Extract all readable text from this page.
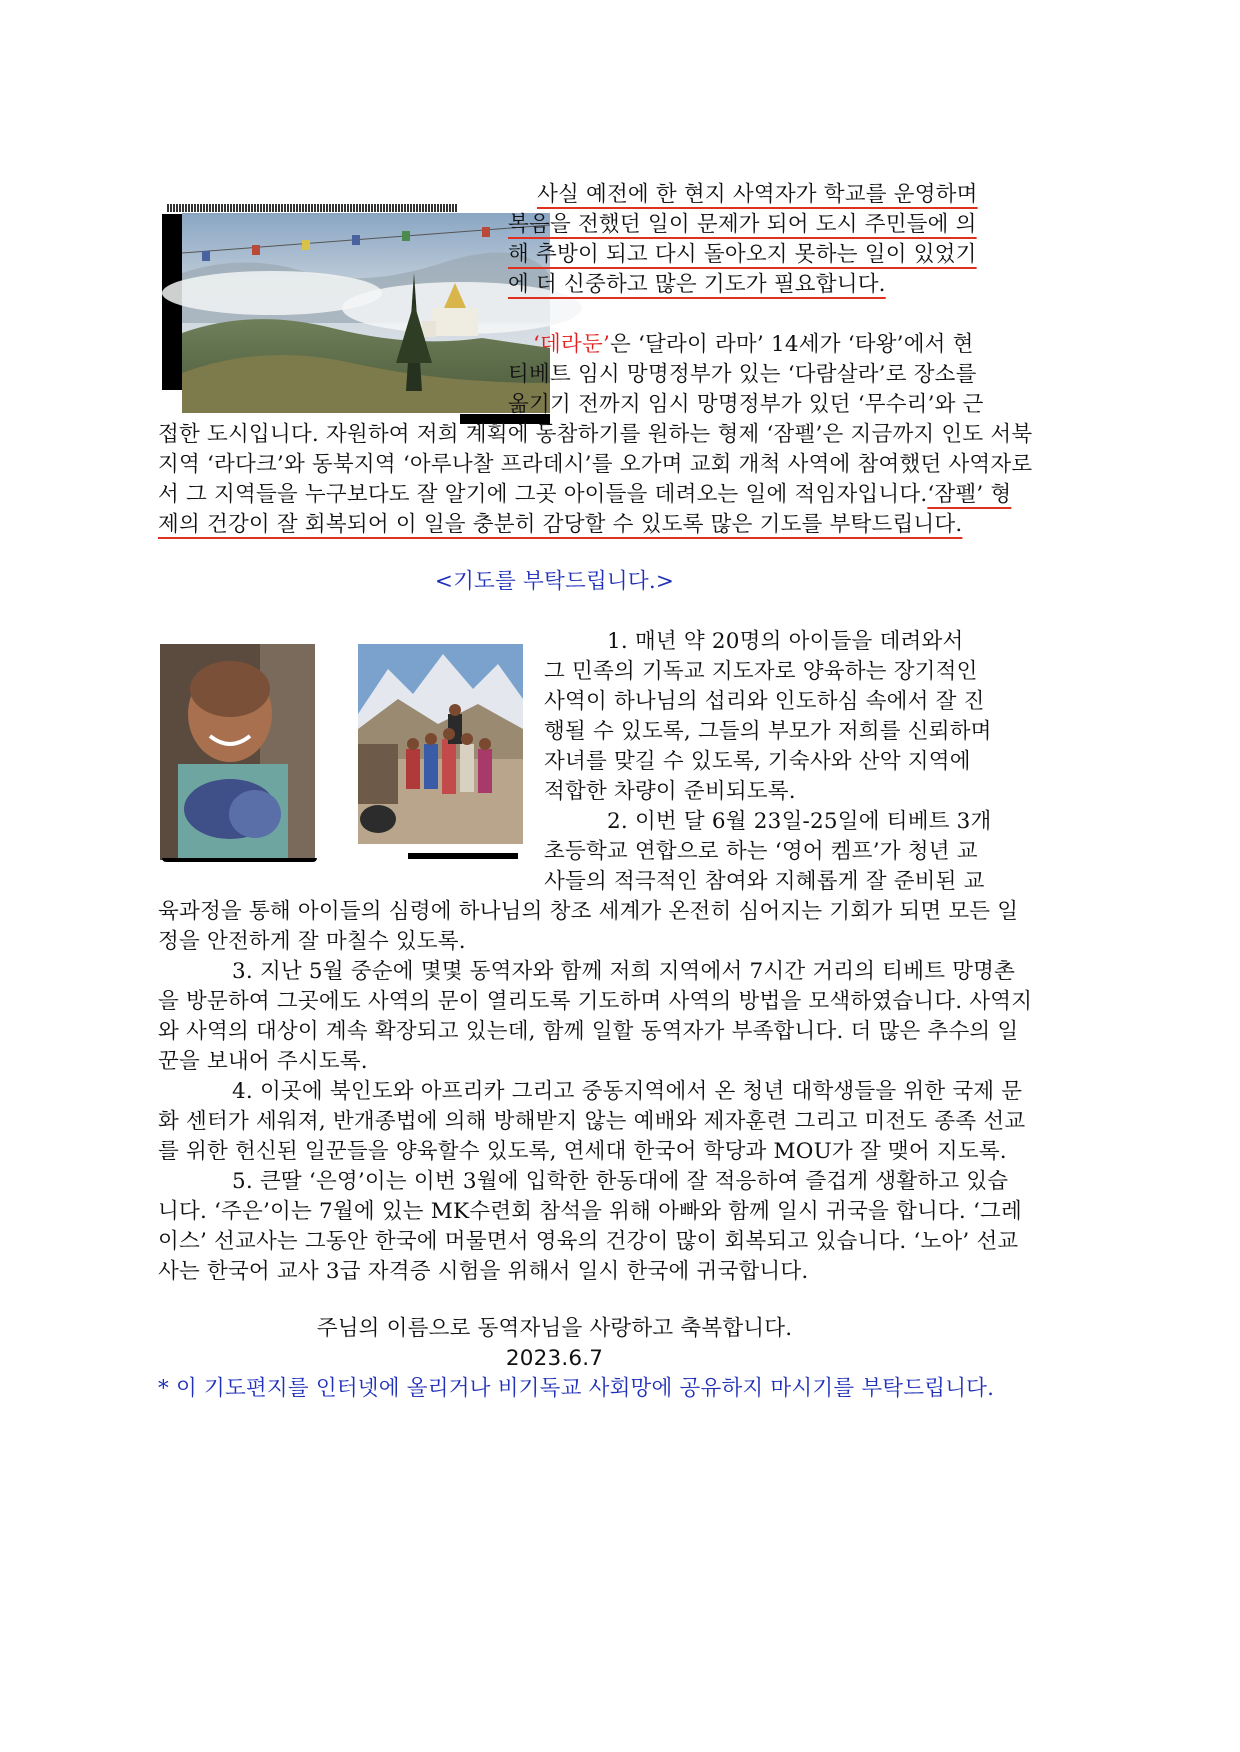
사실 예전에 한 현지 사역자가 학교를 운영하며
복음을 전했던 일이 문제가 되어 도시 주민들에 의
해 추방이 되고 다시 돌아오지 못하는 일이 있었기
에 더 신중하고 많은 기도가 필요합니다.
‘데라둔’ 은 ‘달라이 라마’ 14세가 ‘타왕’에서 현
티베트 임시 망명정부가 있는 ‘다람살라’로 장소를
옮기기 전까지 임시 망명정부가 있던 ‘무수리’와 근
접한 도시입니다. 자원하여 저희 계획에 동참하기를 원하는 형제 ‘잠펠’은 지금까지 인도 서북
지역 ‘라다크’와 동북지역 ‘아루나찰 프라데시’를 오가며 교회 개척 사역에 참여했던 사역자로
서 그 지역들을 누구보다도 잘 알기에 그곳 아이들을 데려오는 일에 적임자입니다. ‘잠펠’ 형
제의 건강이 잘 회복되어 이 일을 충분히 감당할 수 있도록 많은 기도를 부탁드립니다.
<기도를 부탁드립니다.>
1. 매년 약 20명의 아이들을 데려와서
그 민족의 기독교 지도자로 양육하는 장기적인
사역이 하나님의 섭리와 인도하심 속에서 잘 진
행될 수 있도록, 그들의 부모가 저희를 신뢰하며
자녀를 맞길 수 있도록, 기숙사와 산악 지역에
적합한 차량이 준비되도록.
2. 이번 달 6월 23일-25일에 티베트 3개
초등학교 연합으로 하는 ‘영어 켐프’가 청년 교
사들의 적극적인 참여와 지혜롭게 잘 준비된 교
육과정을 통해 아이들의 심령에 하나님의 창조 세계가 온전히 심어지는 기회가 되면 모든 일
정을 안전하게 잘 마칠수 있도록.
3. 지난 5월 중순에 몇몇 동역자와 함께 저희 지역에서 7시간 거리의 티베트 망명촌
을 방문하여 그곳에도 사역의 문이 열리도록 기도하며 사역의 방법을 모색하였습니다. 사역지
와 사역의 대상이 계속 확장되고 있는데, 함께 일할 동역자가 부족합니다. 더 많은 추수의 일
꾼을 보내어 주시도록.
4. 이곳에 북인도와 아프리카 그리고 중동지역에서 온 청년 대학생들을 위한 국제 문
화 센터가 세워져, 반개종법에 의해 방해받지 않는 예배와 제자훈련 그리고 미전도 종족 선교
를 위한 헌신된 일꾼들을 양육할수 있도록, 연세대 한국어 학당과 MOU가 잘 맺어 지도록.
5. 큰딸 ‘은영’이는 이번 3월에 입학한 한동대에 잘 적응하여 즐겁게 생활하고 있습
니다. ‘주은’이는 7월에 있는 MK수련회 참석을 위해 아빠와 함께 일시 귀국을 합니다. ‘그레
이스’ 선교사는 그동안 한국에 머물면서 영육의 건강이 많이 회복되고 있습니다. ‘노아’ 선교
사는 한국어 교사 3급 자격증 시험을 위해서 일시 한국에 귀국합니다.
주님의 이름으로 동역자님을 사랑하고 축복합니다.
2023.6.7
* 이 기도편지를 인터넷에 올리거나 비기독교 사회망에 공유하지 마시기를 부탁드립니다.
